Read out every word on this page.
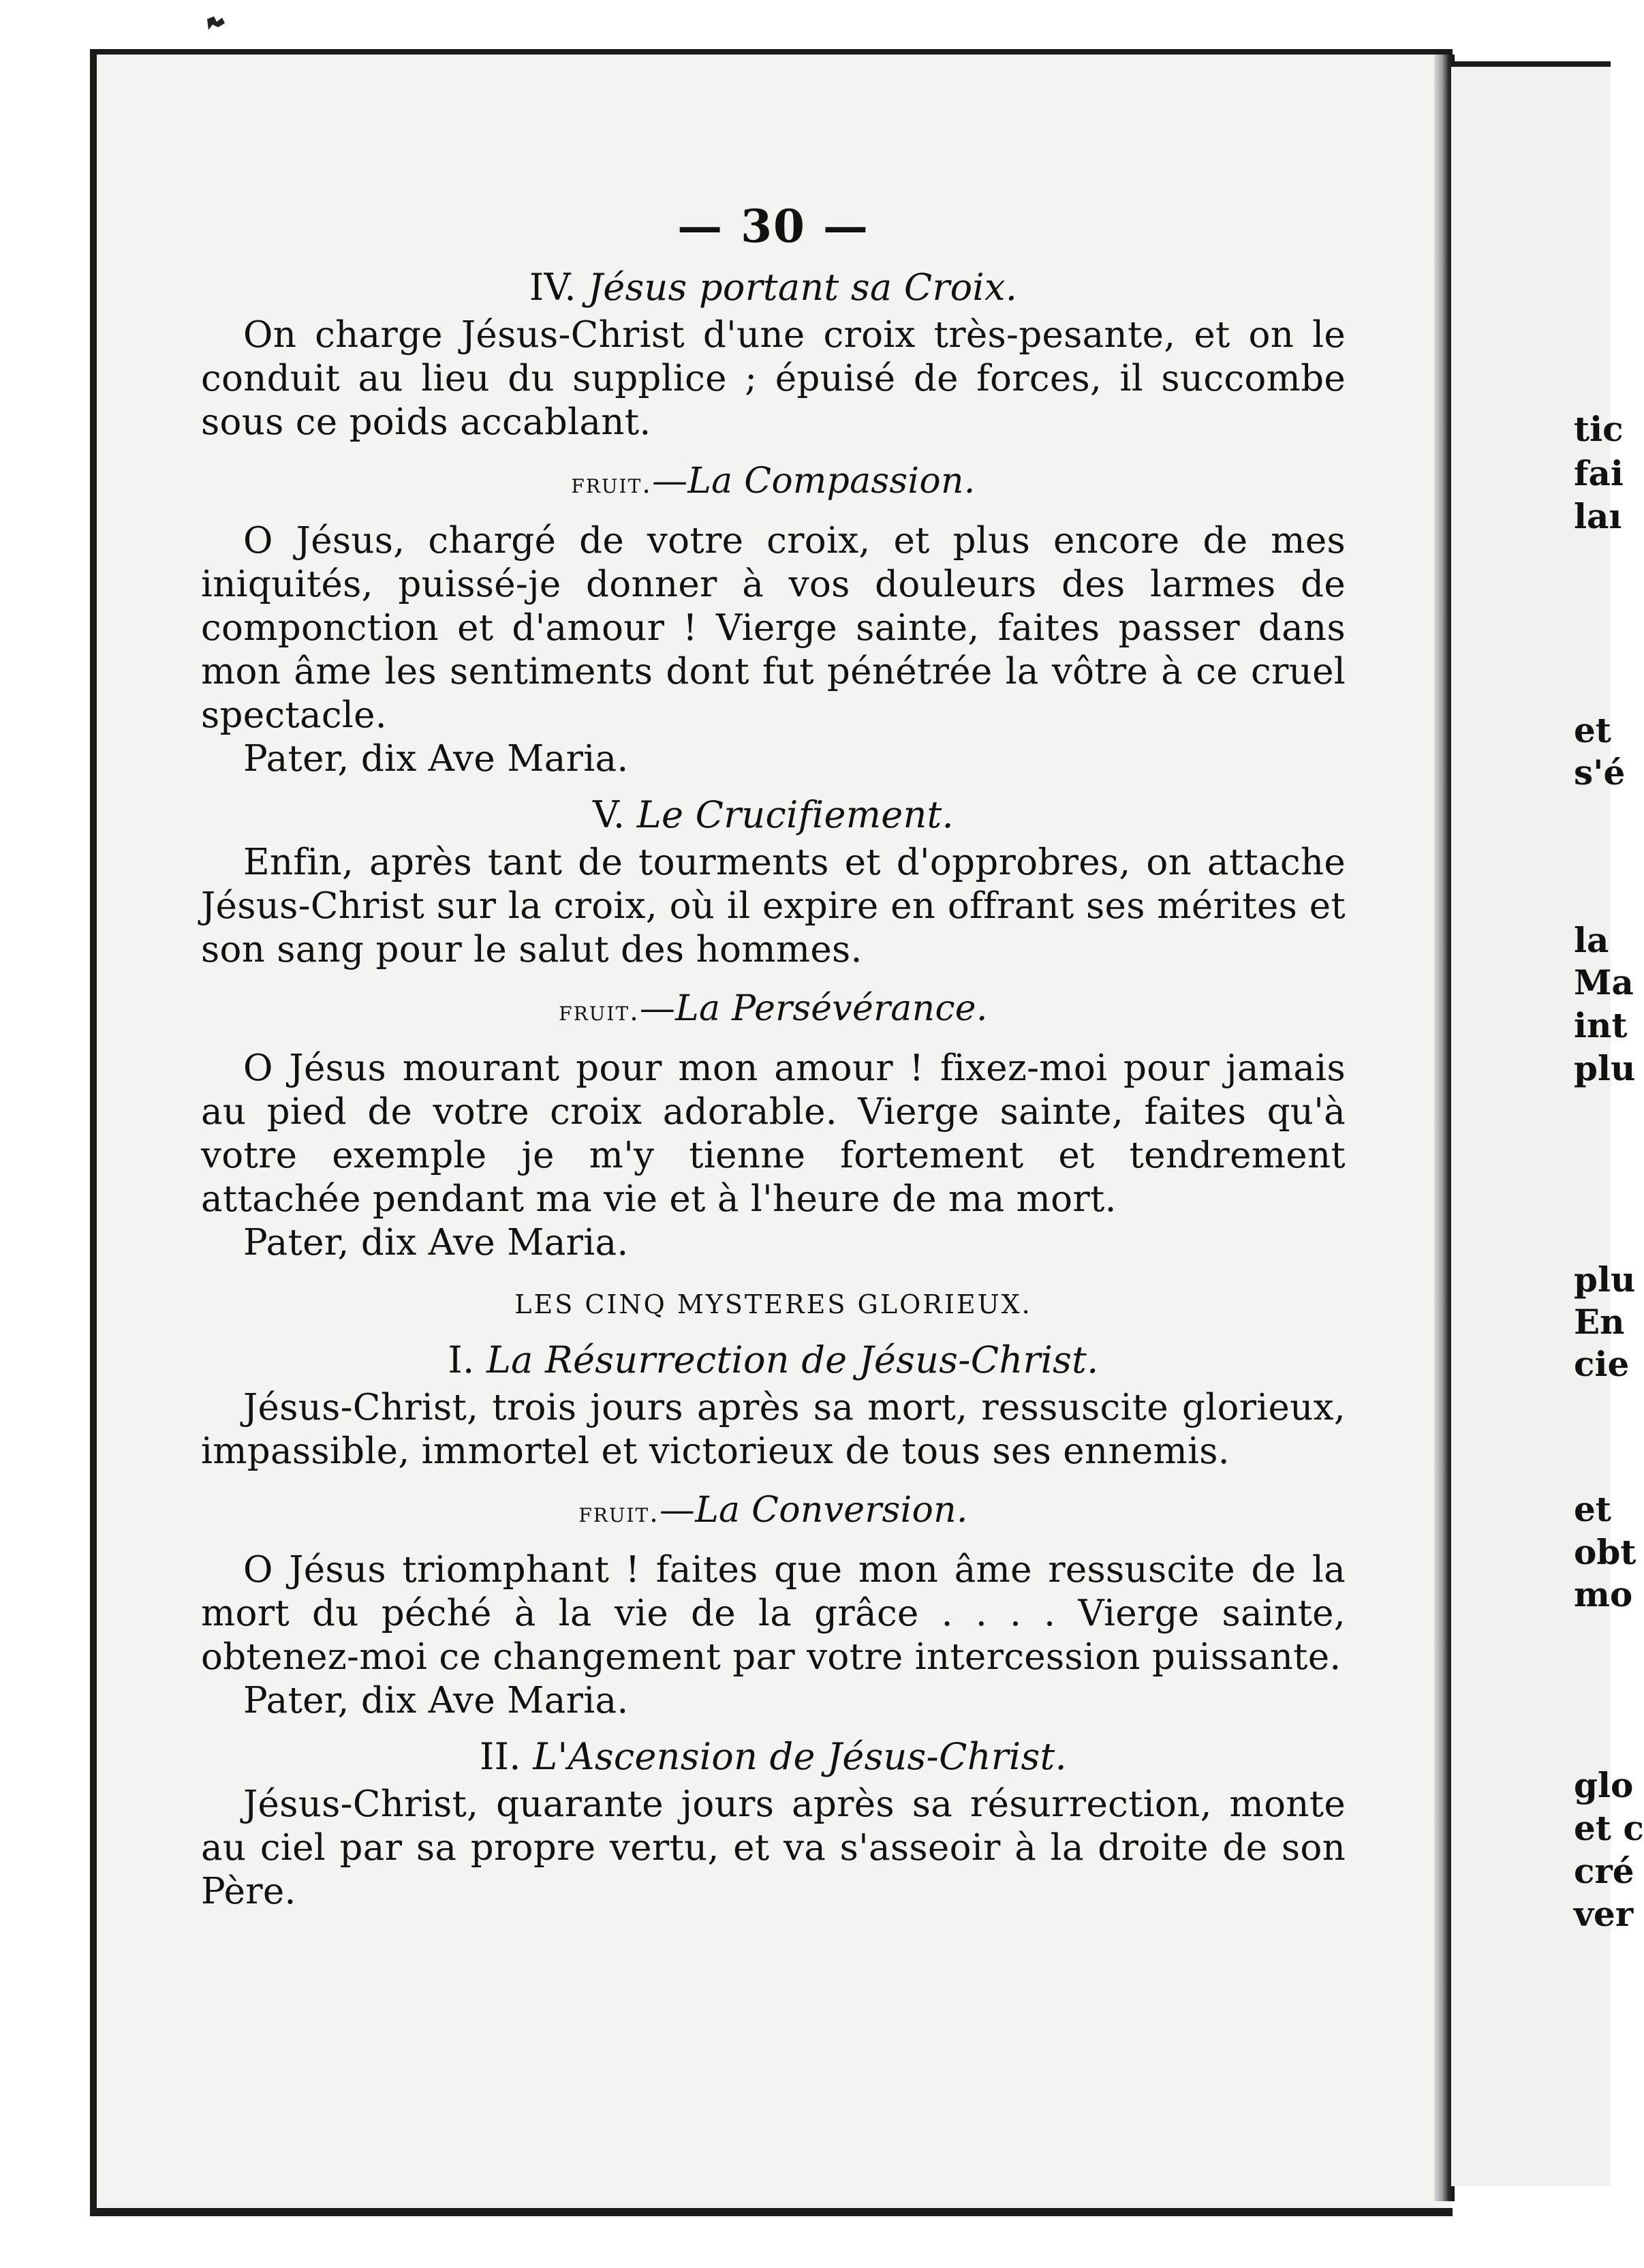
tic
fai
laı
et
s'é
la
Ma
int
plu
plu
En
cie
et
obt
mo
glo
et c
cré
ver
— 30 —
IV. Jésus portant sa Croix.

On charge Jésus-Christ d'une croix très-pesante, et on le conduit au lieu du supplice ; épuisé de forces, il succombe sous ce poids accablant.

fruit.—La Compassion.

O Jésus, chargé de votre croix, et plus encore de mes iniquités, puissé-je donner à vos douleurs des larmes de componction et d'amour ! Vierge sainte, faites passer dans mon âme les sentiments dont fut pénétrée la vôtre à ce cruel spectacle.

Pater, dix Ave Maria.

V. Le Crucifiement.

Enfin, après tant de tourments et d'opprobres, on attache Jésus-Christ sur la croix, où il expire en offrant ses mérites et son sang pour le salut des hommes.

fruit.—La Persévérance.

O Jésus mourant pour mon amour ! fixez-moi pour jamais au pied de votre croix adorable. Vierge sainte, faites qu'à votre exemple je m'y tienne fortement et tendrement attachée pendant ma vie et à l'heure de ma mort.

Pater, dix Ave Maria.

LES CINQ MYSTERES GLORIEUX.
I. La Résurrection de Jésus-Christ.

Jésus-Christ, trois jours après sa mort, ressuscite glorieux, impassible, immortel et victorieux de tous ses ennemis.

fruit.—La Conversion.

O Jésus triomphant ! faites que mon âme ressuscite de la mort du péché à la vie de la grâce . . . . Vierge sainte, obtenez-moi ce changement par votre intercession puissante.

Pater, dix Ave Maria.

II. L'Ascension de Jésus-Christ.

Jésus-Christ, quarante jours après sa résurrection, monte au ciel par sa propre vertu, et va s'asseoir à la droite de son Père.
